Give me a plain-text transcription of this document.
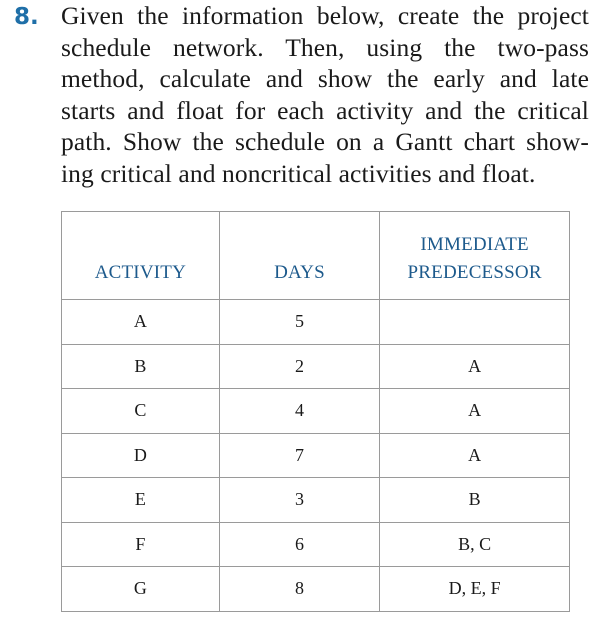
8. Given the information below, create the project
schedule network. Then, using the two-pass
method, calculate and show the early and late
starts and float for each activity and the critical
path. Show the schedule on a Gantt chart show-
ing critical and noncritical activities and float.
ACTIVITY	DAYS	IMMEDIATE
PREDECESSOR
A	5	
B	2	A
C	4	A
D	7	A
E	3	B
F	6	B, C
G	8	D, E, F
